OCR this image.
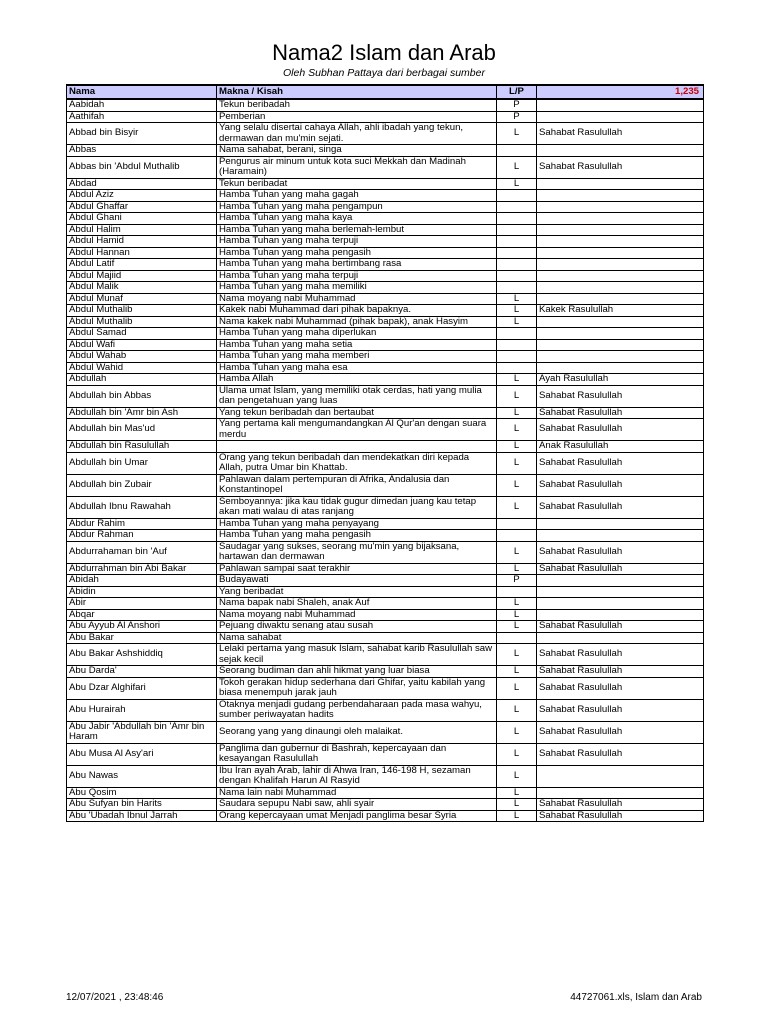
Nama2 Islam dan Arab
Oleh Subhan Pattaya dari berbagai sumber
Nama	Makna / Kisah	L/P	1,235
Aabidah	Tekun beribadah	P	
Aathifah	Pemberian	P	
Abbad bin Bisyir	Yang selalu disertai cahaya Allah, ahli ibadah yang tekun, dermawan dan mu'min sejati.	L	Sahabat Rasulullah
Abbas	Nama sahabat, berani, singa		
Abbas bin 'Abdul Muthalib	Pengurus air minum untuk kota suci Mekkah dan Madinah (Haramain)	L	Sahabat Rasulullah
Abdad	Tekun beribadat	L	
Abdul Aziz	Hamba Tuhan yang maha gagah		
Abdul Ghaffar	Hamba Tuhan yang maha pengampun		
Abdul Ghani	Hamba Tuhan yang maha kaya		
Abdul Halim	Hamba Tuhan yang maha berlemah-lembut		
Abdul Hamid	Hamba Tuhan yang maha terpuji		
Abdul Hannan	Hamba Tuhan yang maha pengasih		
Abdul Latif	Hamba Tuhan yang maha bertimbang rasa		
Abdul Majiid	Hamba Tuhan yang maha terpuji		
Abdul Malik	Hamba Tuhan yang maha memiliki		
Abdul Munaf	Nama moyang nabi Muhammad	L	
Abdul Muthalib	Kakek nabi Muhammad dari pihak bapaknya.	L	Kakek Rasulullah
Abdul Muthalib	Nama kakek nabi Muhammad (pihak bapak), anak Hasyim	L	
Abdul Samad	Hamba Tuhan yang maha diperlukan		
Abdul Wafi	Hamba Tuhan yang maha setia		
Abdul Wahab	Hamba Tuhan yang maha memberi		
Abdul Wahid	Hamba Tuhan yang maha esa		
Abdullah	Hamba Allah	L	Ayah Rasulullah
Abdullah bin Abbas	Ulama umat Islam, yang memiliki otak cerdas, hati yang mulia dan pengetahuan yang luas	L	Sahabat Rasulullah
Abdullah bin 'Amr bin Ash	Yang tekun beribadah dan bertaubat	L	Sahabat Rasulullah
Abdullah bin Mas'ud	Yang pertama kali mengumandangkan Al Qur'an dengan suara merdu	L	Sahabat Rasulullah
Abdullah bin Rasulullah		L	Anak Rasulullah
Abdullah bin Umar	Orang yang tekun beribadah dan mendekatkan diri kepada Allah, putra Umar bin Khattab.	L	Sahabat Rasulullah
Abdullah bin Zubair	Pahlawan dalam pertempuran di Afrika, Andalusia dan Konstantinopel	L	Sahabat Rasulullah
Abdullah Ibnu Rawahah	Semboyannya: jika kau tidak gugur dimedan juang kau tetap akan mati walau di atas ranjang	L	Sahabat Rasulullah
Abdur Rahim	Hamba Tuhan yang maha penyayang		
Abdur Rahman	Hamba Tuhan yang maha pengasih		
Abdurrahaman bin 'Auf	Saudagar yang sukses, seorang mu'min yang bijaksana, hartawan dan dermawan	L	Sahabat Rasulullah
Abdurrahman bin Abi Bakar	Pahlawan sampai saat terakhir	L	Sahabat Rasulullah
Abidah	Budayawati	P	
Abidin	Yang beribadat		
Abir	Nama bapak nabi Shaleh, anak Auf	L	
Abqar	Nama moyang nabi Muhammad	L	
Abu Ayyub Al Anshori	Pejuang diwaktu senang atau susah	L	Sahabat Rasulullah
Abu Bakar	Nama sahabat		
Abu Bakar Ashshiddiq	Lelaki pertama yang masuk Islam, sahabat karib Rasulullah saw sejak kecil	L	Sahabat Rasulullah
Abu Darda'	Seorang budiman dan ahli hikmat yang luar biasa	L	Sahabat Rasulullah
Abu Dzar Alghifari	Tokoh gerakan hidup sederhana dari Ghifar, yaitu kabilah yang biasa menempuh jarak jauh	L	Sahabat Rasulullah
Abu Hurairah	Otaknya menjadi gudang perbendaharaan pada masa wahyu, sumber periwayatan hadits	L	Sahabat Rasulullah
Abu Jabir 'Abdullah bin 'Amr bin Haram	Seorang yang yang dinaungi oleh malaikat.	L	Sahabat Rasulullah
Abu Musa Al Asy'ari	Panglima dan gubernur di Bashrah, kepercayaan dan kesayangan Rasulullah	L	Sahabat Rasulullah
Abu Nawas	Ibu Iran ayah Arab, lahir di Ahwa Iran, 146-198 H, sezaman dengan Khalifah Harun Al Rasyid	L	
Abu Qosim	Nama lain nabi Muhammad	L	
Abu Sufyan bin Harits	Saudara sepupu Nabi saw, ahli syair	L	Sahabat Rasulullah
Abu 'Ubadah Ibnul Jarrah	Orang kepercayaan umat Menjadi panglima besar Syria	L	Sahabat Rasulullah
12/07/2021 , 23:48:46	44727061.xls, Islam dan Arab
